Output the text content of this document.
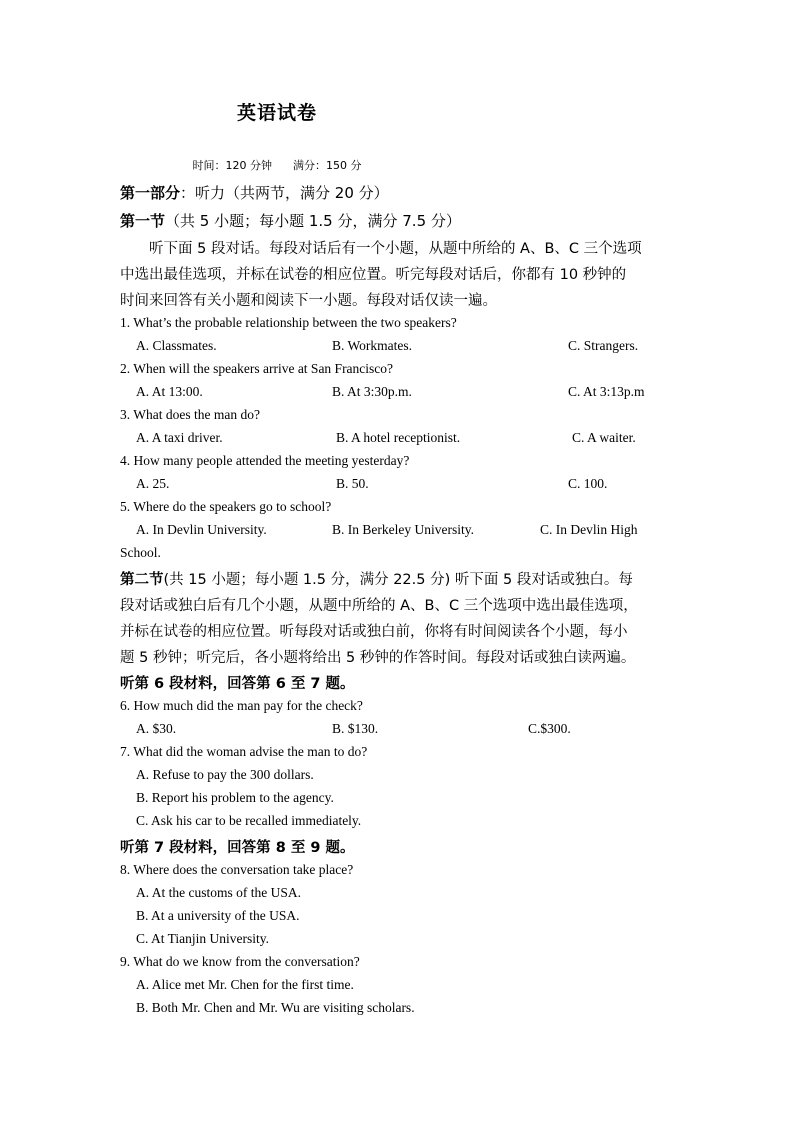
英语试卷
时间：120 分钟      满分：150 分
第一部分：听力（共两节，满分 20 分）
第一节（共 5 小题；每小题 1.5 分，满分 7.5 分）
　　听下面 5 段对话。每段对话后有一个小题，从题中所给的 A、B、C 三个选项
中选出最佳选项，并标在试卷的相应位置。听完每段对话后，你都有 10 秒钟的
时间来回答有关小题和阅读下一小题。每段对话仅读一遍。
1. What’s the probable relationship between the two speakers?
A. Classmates.	B. Workmates.	C. Strangers.
2. When will the speakers arrive at San Francisco?
A. At 13:00.	B. At 3:30p.m.	C. At 3:13p.m
3. What does the man do?
A. A taxi driver.	B. A hotel receptionist.	C. A waiter.
4. How many people attended the meeting yesterday?
A. 25.	B. 50.	C. 100.
5. Where do the speakers go to school?
A. In Devlin University.	B. In Berkeley University.	C. In Devlin High
School.
第二节(共 15 小题；每小题 1.5 分，满分 22.5 分) 听下面 5 段对话或独白。每
段对话或独白后有几个小题，从题中所给的 A、B、C 三个选项中选出最佳选项，
并标在试卷的相应位置。听每段对话或独白前，你将有时间阅读各个小题，每小
题 5 秒钟；听完后，各小题将给出 5 秒钟的作答时间。每段对话或独白读两遍。
听第 6 段材料，回答第 6 至 7 题。
6. How much did the man pay for the check?
A. $30.	B. $130.	C.$300.
7. What did the woman advise the man to do?
A. Refuse to pay the 300 dollars.
B. Report his problem to the agency.
C. Ask his car to be recalled immediately.
听第 7 段材料，回答第 8 至 9 题。
8. Where does the conversation take place?
A. At the customs of the USA.
B. At a university of the USA.
C. At Tianjin University.
9. What do we know from the conversation?
A. Alice met Mr. Chen for the first time.
B. Both Mr. Chen and Mr. Wu are visiting scholars.
